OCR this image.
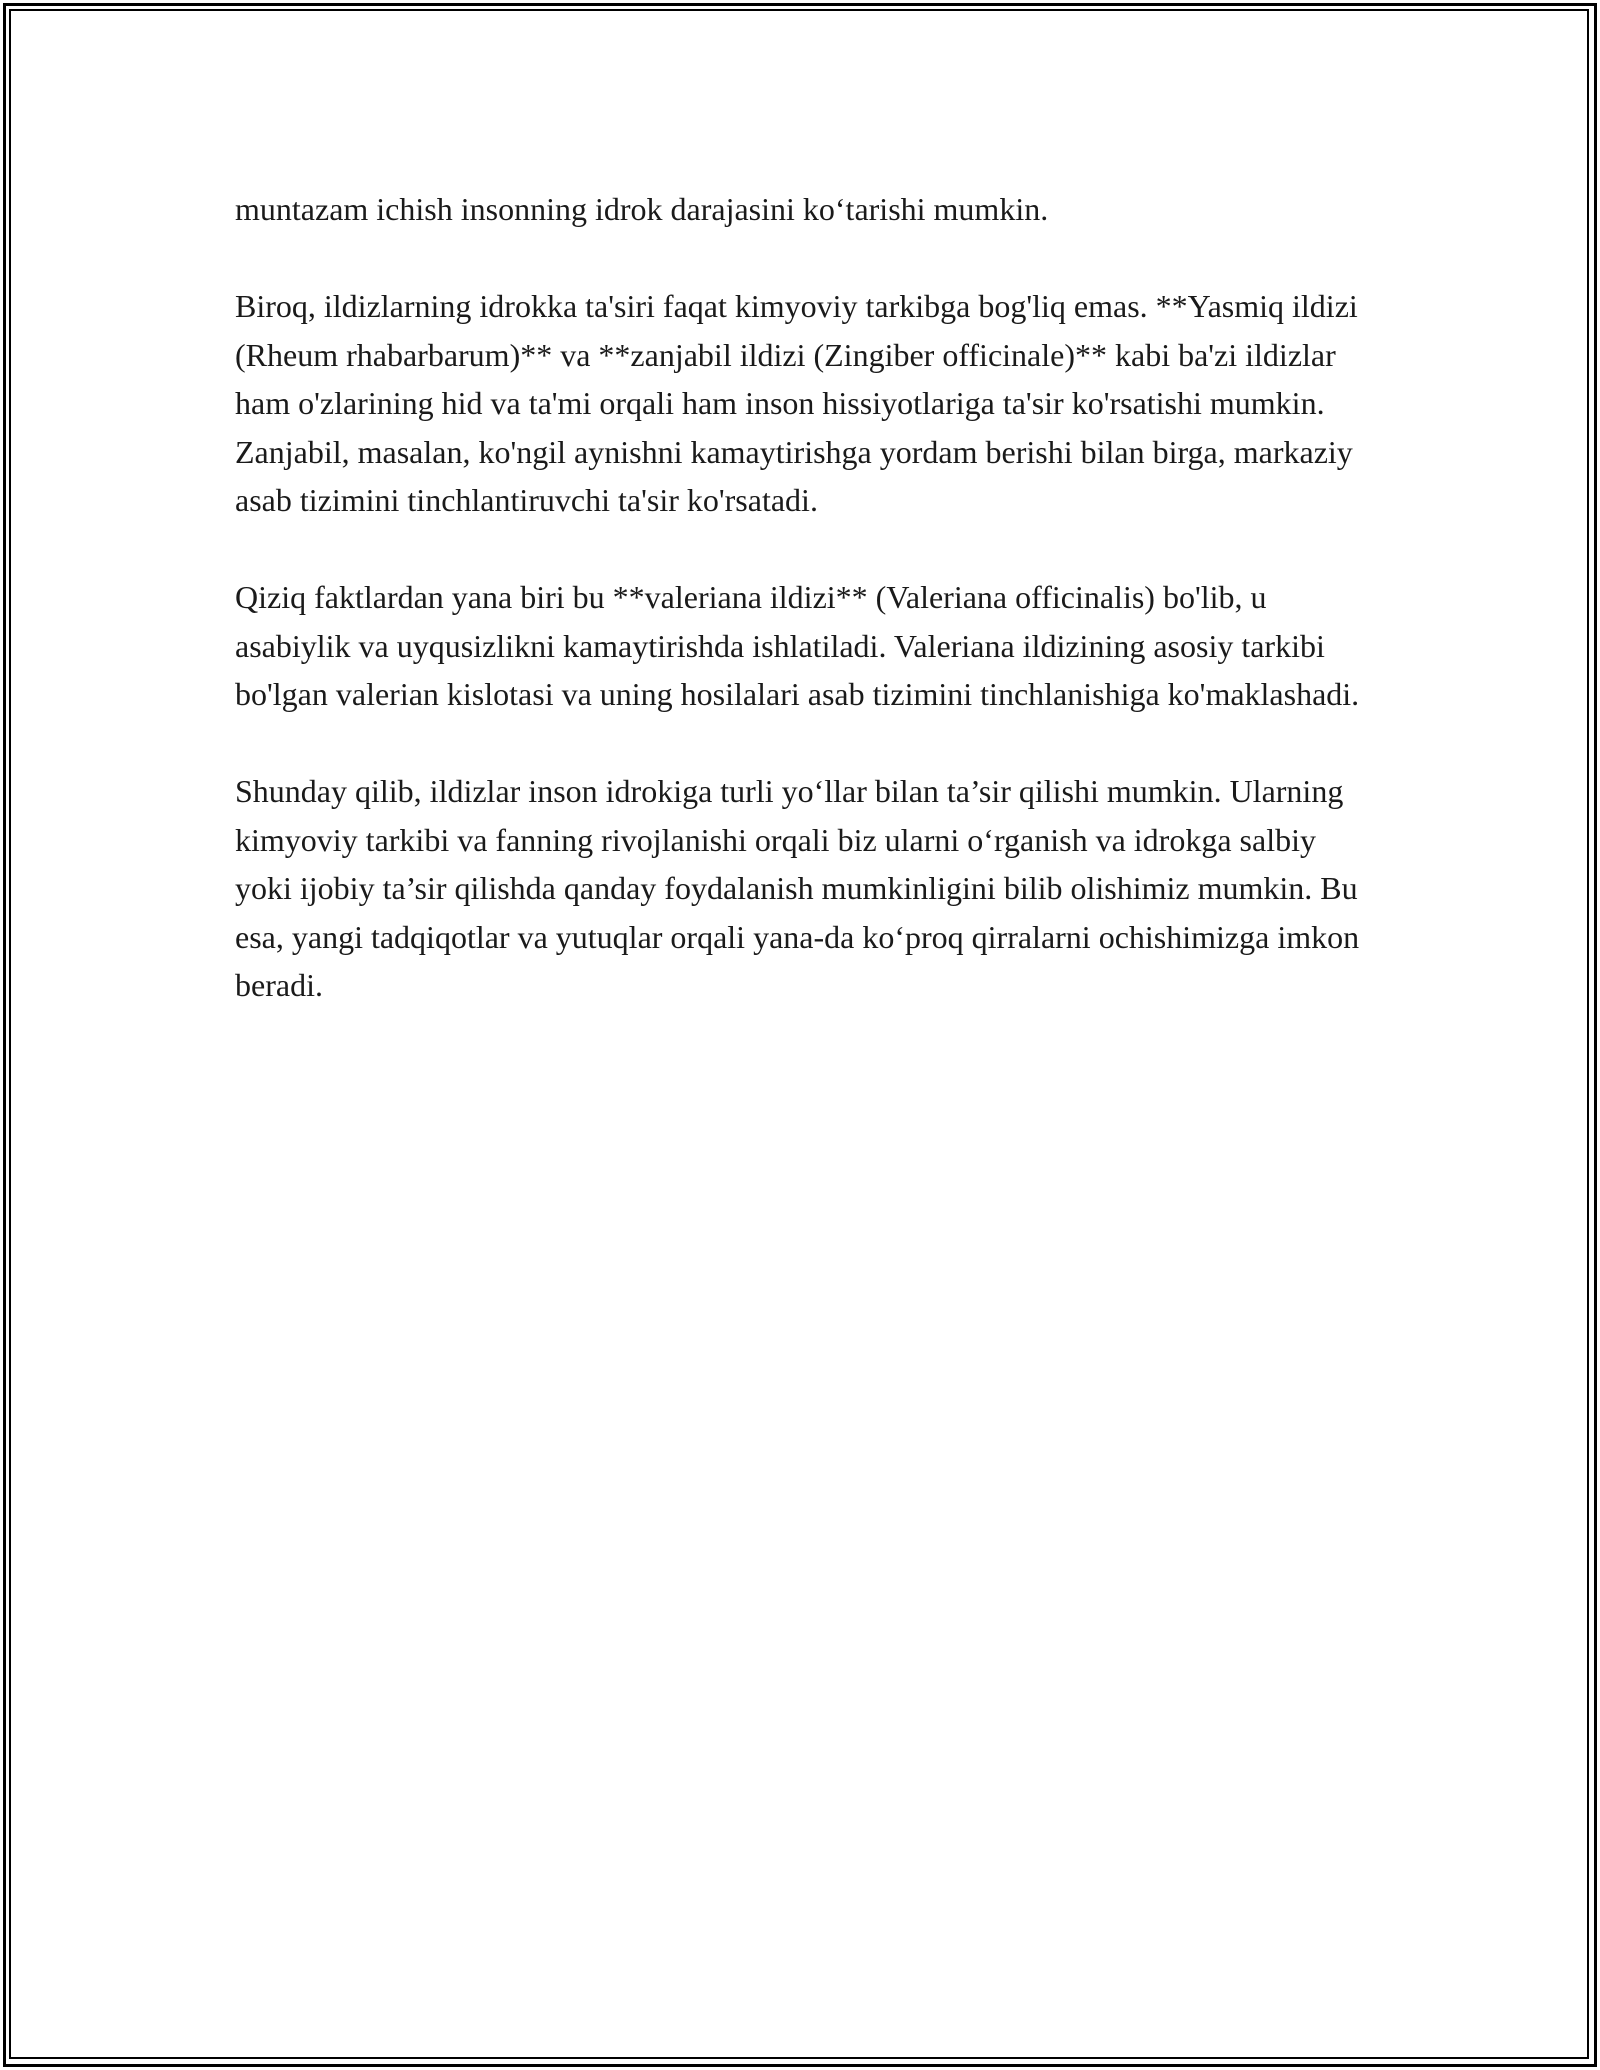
muntazam ichish insonning idrok darajasini ko‘tarishi mumkin.

Biroq, ildizlarning idrokka ta'siri faqat kimyoviy tarkibga bog'liq emas. **Yasmiq ildizi (Rheum rhabarbarum)** va **zanjabil ildizi (Zingiber officinale)** kabi ba'zi ildizlar ham o'zlarining hid va ta'mi orqali ham inson hissiyotlariga ta'sir ko'rsatishi mumkin. Zanjabil, masalan, ko'ngil aynishni kamaytirishga yordam berishi bilan birga, markaziy asab tizimini tinchlantiruvchi ta'sir ko'rsatadi.

Qiziq faktlardan yana biri bu **valeriana ildizi** (Valeriana officinalis) bo'lib, u asabiylik va uyqusizlikni kamaytirishda ishlatiladi. Valeriana ildizining asosiy tarkibi bo'lgan valerian kislotasi va uning hosilalari asab tizimini tinchlanishiga ko'maklashadi.

Shunday qilib, ildizlar inson idrokiga turli yo‘llar bilan ta’sir qilishi mumkin. Ularning kimyoviy tarkibi va fanning rivojlanishi orqali biz ularni o‘rganish va idrokga salbiy yoki ijobiy ta’sir qilishda qanday foydalanish mumkinligini bilib olishimiz mumkin. Bu esa, yangi tadqiqotlar va yutuqlar orqali yana-da ko‘proq qirralarni ochishimizga imkon beradi.
